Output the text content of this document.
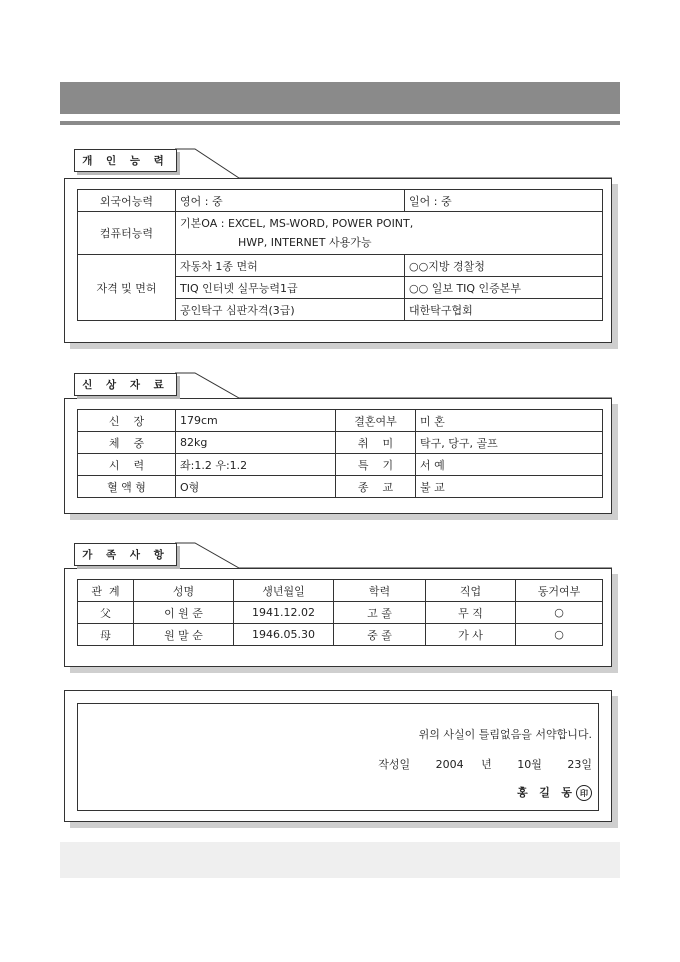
개 인 능 력
외국어능력	영어 : 중	일어 : 중
컴퓨터능력	기본OA : EXCEL, MS-WORD, POWER POINT,
HWP, INTERNET 사용가능	

자격 및 면허	자동차 1종 면허	○○지방 경찰청
	TIQ 인터넷 실무능력1급	○○ 일보 TIQ 인증본부
	공인탁구 심판자격(3급)	대한탁구협회
신 상 자 료
신    장	179cm	결혼여부	미 혼
체    중	82kg	취    미	탁구, 당구, 골프
시    력	좌:1.2 우:1.2	특    기	서 예
혈 액 형	O형	종    교	불 교
가 족 사 항
관  계	성명	생년월일	학력	직업	동거여부
父	이 원 준	1941.12.02	고 졸	무 직	○
母	원 말 순	1946.05.30	중 졸	가 사	○
위의 사실이 틀림없음을 서약합니다.
작성일 2004 년 10월 23일
홍   길   동 印
